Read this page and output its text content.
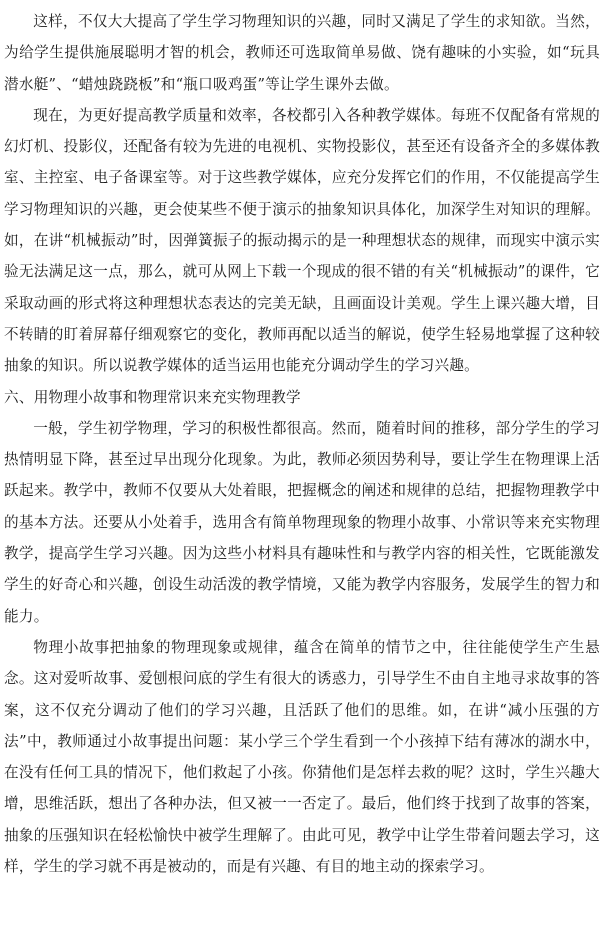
这样，不仅大大提高了学生学习物理知识的兴趣，同时又满足了学生的求知欲。当然，为给学生提供施展聪明才智的机会，教师还可选取简单易做、饶有趣味的小实验，如“玩具潜水艇”、“蜡烛跷跷板”和“瓶口吸鸡蛋”等让学生课外去做。

现在，为更好提高教学质量和效率，各校都引入各种教学媒体。每班不仅配备有常规的幻灯机、投影仪，还配备有较为先进的电视机、实物投影仪，甚至还有设备齐全的多媒体教室、主控室、电子备课室等。对于这些教学媒体，应充分发挥它们的作用，不仅能提高学生学习物理知识的兴趣，更会使某些不便于演示的抽象知识具体化，加深学生对知识的理解。如，在讲“机械振动”时，因弹簧振子的振动揭示的是一种理想状态的规律，而现实中演示实验无法满足这一点，那么，就可从网上下载一个现成的很不错的有关“机械振动”的课件，它采取动画的形式将这种理想状态表达的完美无缺，且画面设计美观。学生上课兴趣大增，目不转睛的盯着屏幕仔细观察它的变化，教师再配以适当的解说，使学生轻易地掌握了这种较抽象的知识。所以说教学媒体的适当运用也能充分调动学生的学习兴趣。

六、用物理小故事和物理常识来充实物理教学

一般，学生初学物理，学习的积极性都很高。然而，随着时间的推移，部分学生的学习热情明显下降，甚至过早出现分化现象。为此，教师必须因势利导，要让学生在物理课上活跃起来。教学中，教师不仅要从大处着眼，把握概念的阐述和规律的总结，把握物理教学中的基本方法。还要从小处着手，选用含有简单物理现象的物理小故事、小常识等来充实物理教学，提高学生学习兴趣。因为这些小材料具有趣味性和与教学内容的相关性，它既能激发学生的好奇心和兴趣，创设生动活泼的教学情境，又能为教学内容服务，发展学生的智力和能力。

物理小故事把抽象的物理现象或规律，蕴含在简单的情节之中，往往能使学生产生悬念。这对爱听故事、爱刨根问底的学生有很大的诱惑力，引导学生不由自主地寻求故事的答案，这不仅充分调动了他们的学习兴趣，且活跃了他们的思维。如，在讲“减小压强的方法”中，教师通过小故事提出问题：某小学三个学生看到一个小孩掉下结有薄冰的湖水中，在没有任何工具的情况下，他们救起了小孩。你猜他们是怎样去救的呢？这时，学生兴趣大增，思维活跃，想出了各种办法，但又被一一否定了。最后，他们终于找到了故事的答案，抽象的压强知识在轻松愉快中被学生理解了。由此可见，教学中让学生带着问题去学习，这样，学生的学习就不再是被动的，而是有兴趣、有目的地主动的探索学习。
